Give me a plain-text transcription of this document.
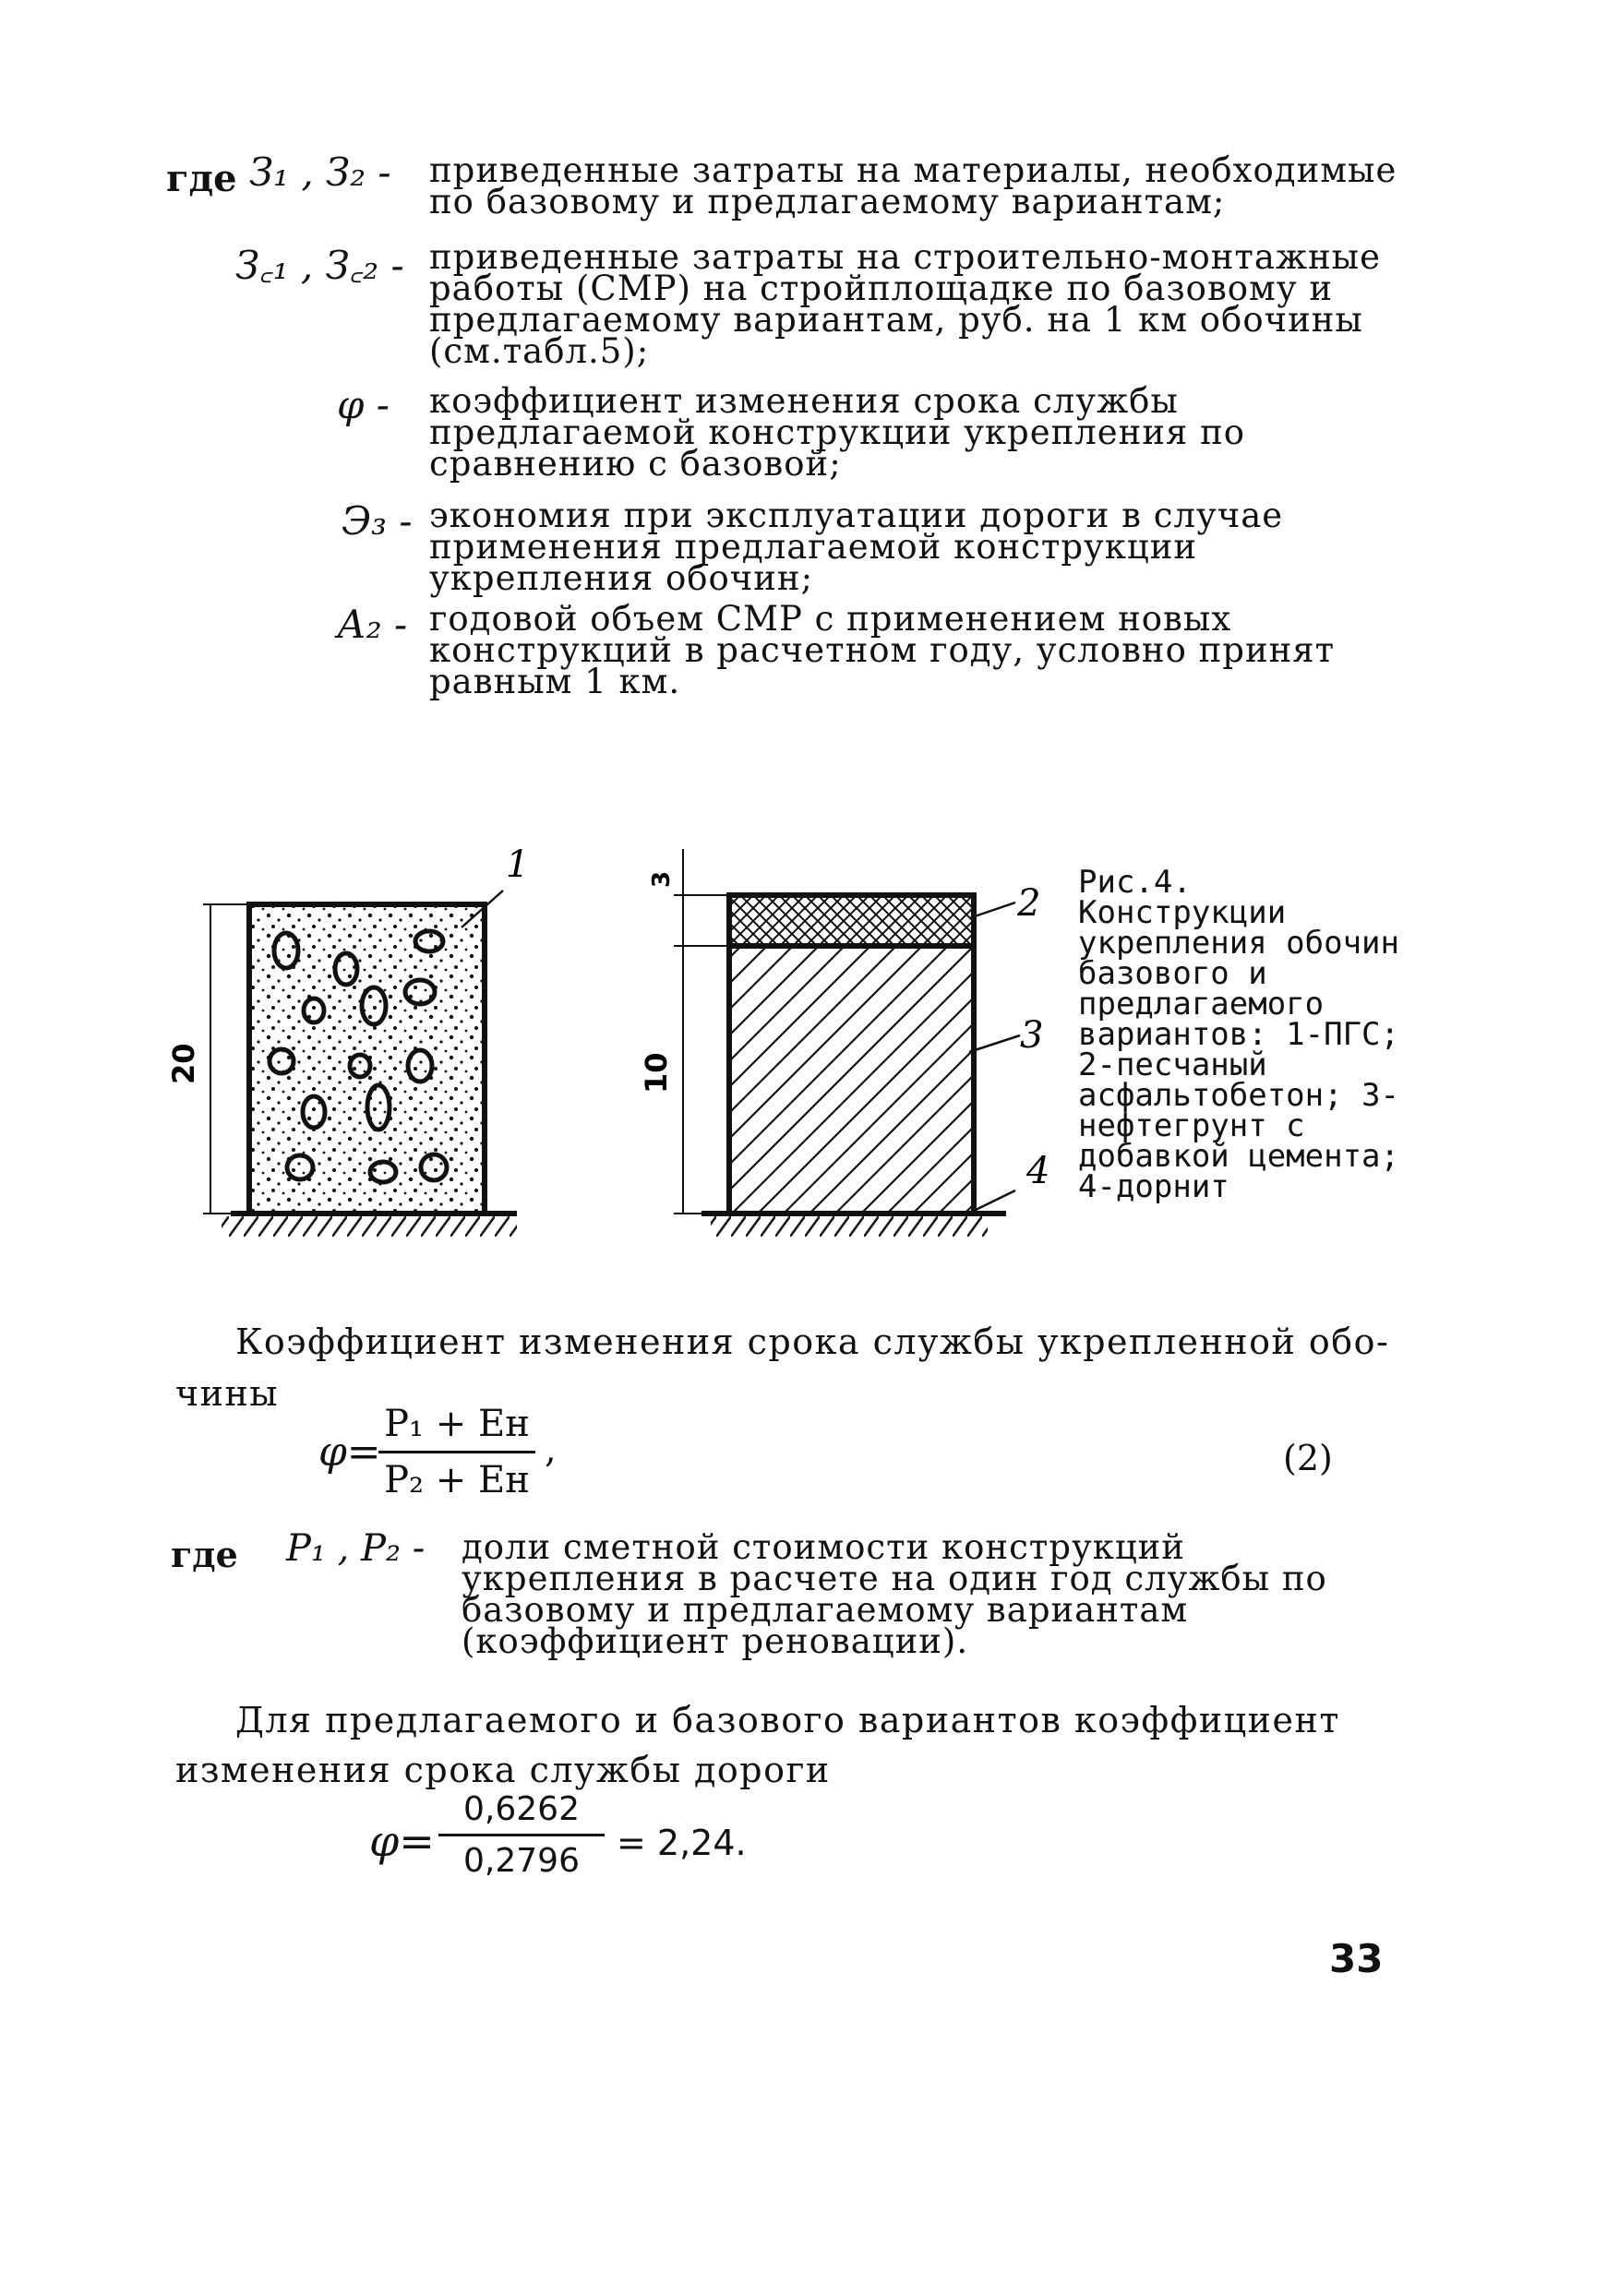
где З₁ , З₂ - приведенные затраты на материалы, необходимые по базовому и предлагаемому вариантам;
З꜀₁ , З꜀₂ - приведенные затраты на строительно-монтажные работы (СМР) на стройплощадке по базовому и предлагаемому вариантам, руб. на 1 км обочины (см.табл.5);
φ - коэффициент изменения срока службы предлагаемой конструкции укрепления по сравнению с базовой;
Э₃ - экономия при эксплуатации дороги в случае применения предлагаемой конструкции укрепления обочин;
А₂ - годовой объем СМР с применением новых конструкций в расчетном году, условно принят равным 1 км.
20
1	3
10
2
3
4
Рис.4. Конструкции укрепления обочин базового и предлагаемого вариантов: 1-ПГС; 2-песчаный асфальтобетон; 3-нефтегрунт с добавкой цемента; 4-дорнит
Коэффициент изменения срока службы укрепленной обо-
чины
φ=
P₁ + Eн
P₂ + Eн
,	(2)
где P₁ , P₂ - доли сметной стоимости конструкций укрепления в расчете на один год службы по базовому и предлагаемому вариантам (коэффициент реновации).
Для предлагаемого и базового вариантов коэффициент
изменения срока службы дороги
φ=
0,6262
0,2796	= 2,24.
33
